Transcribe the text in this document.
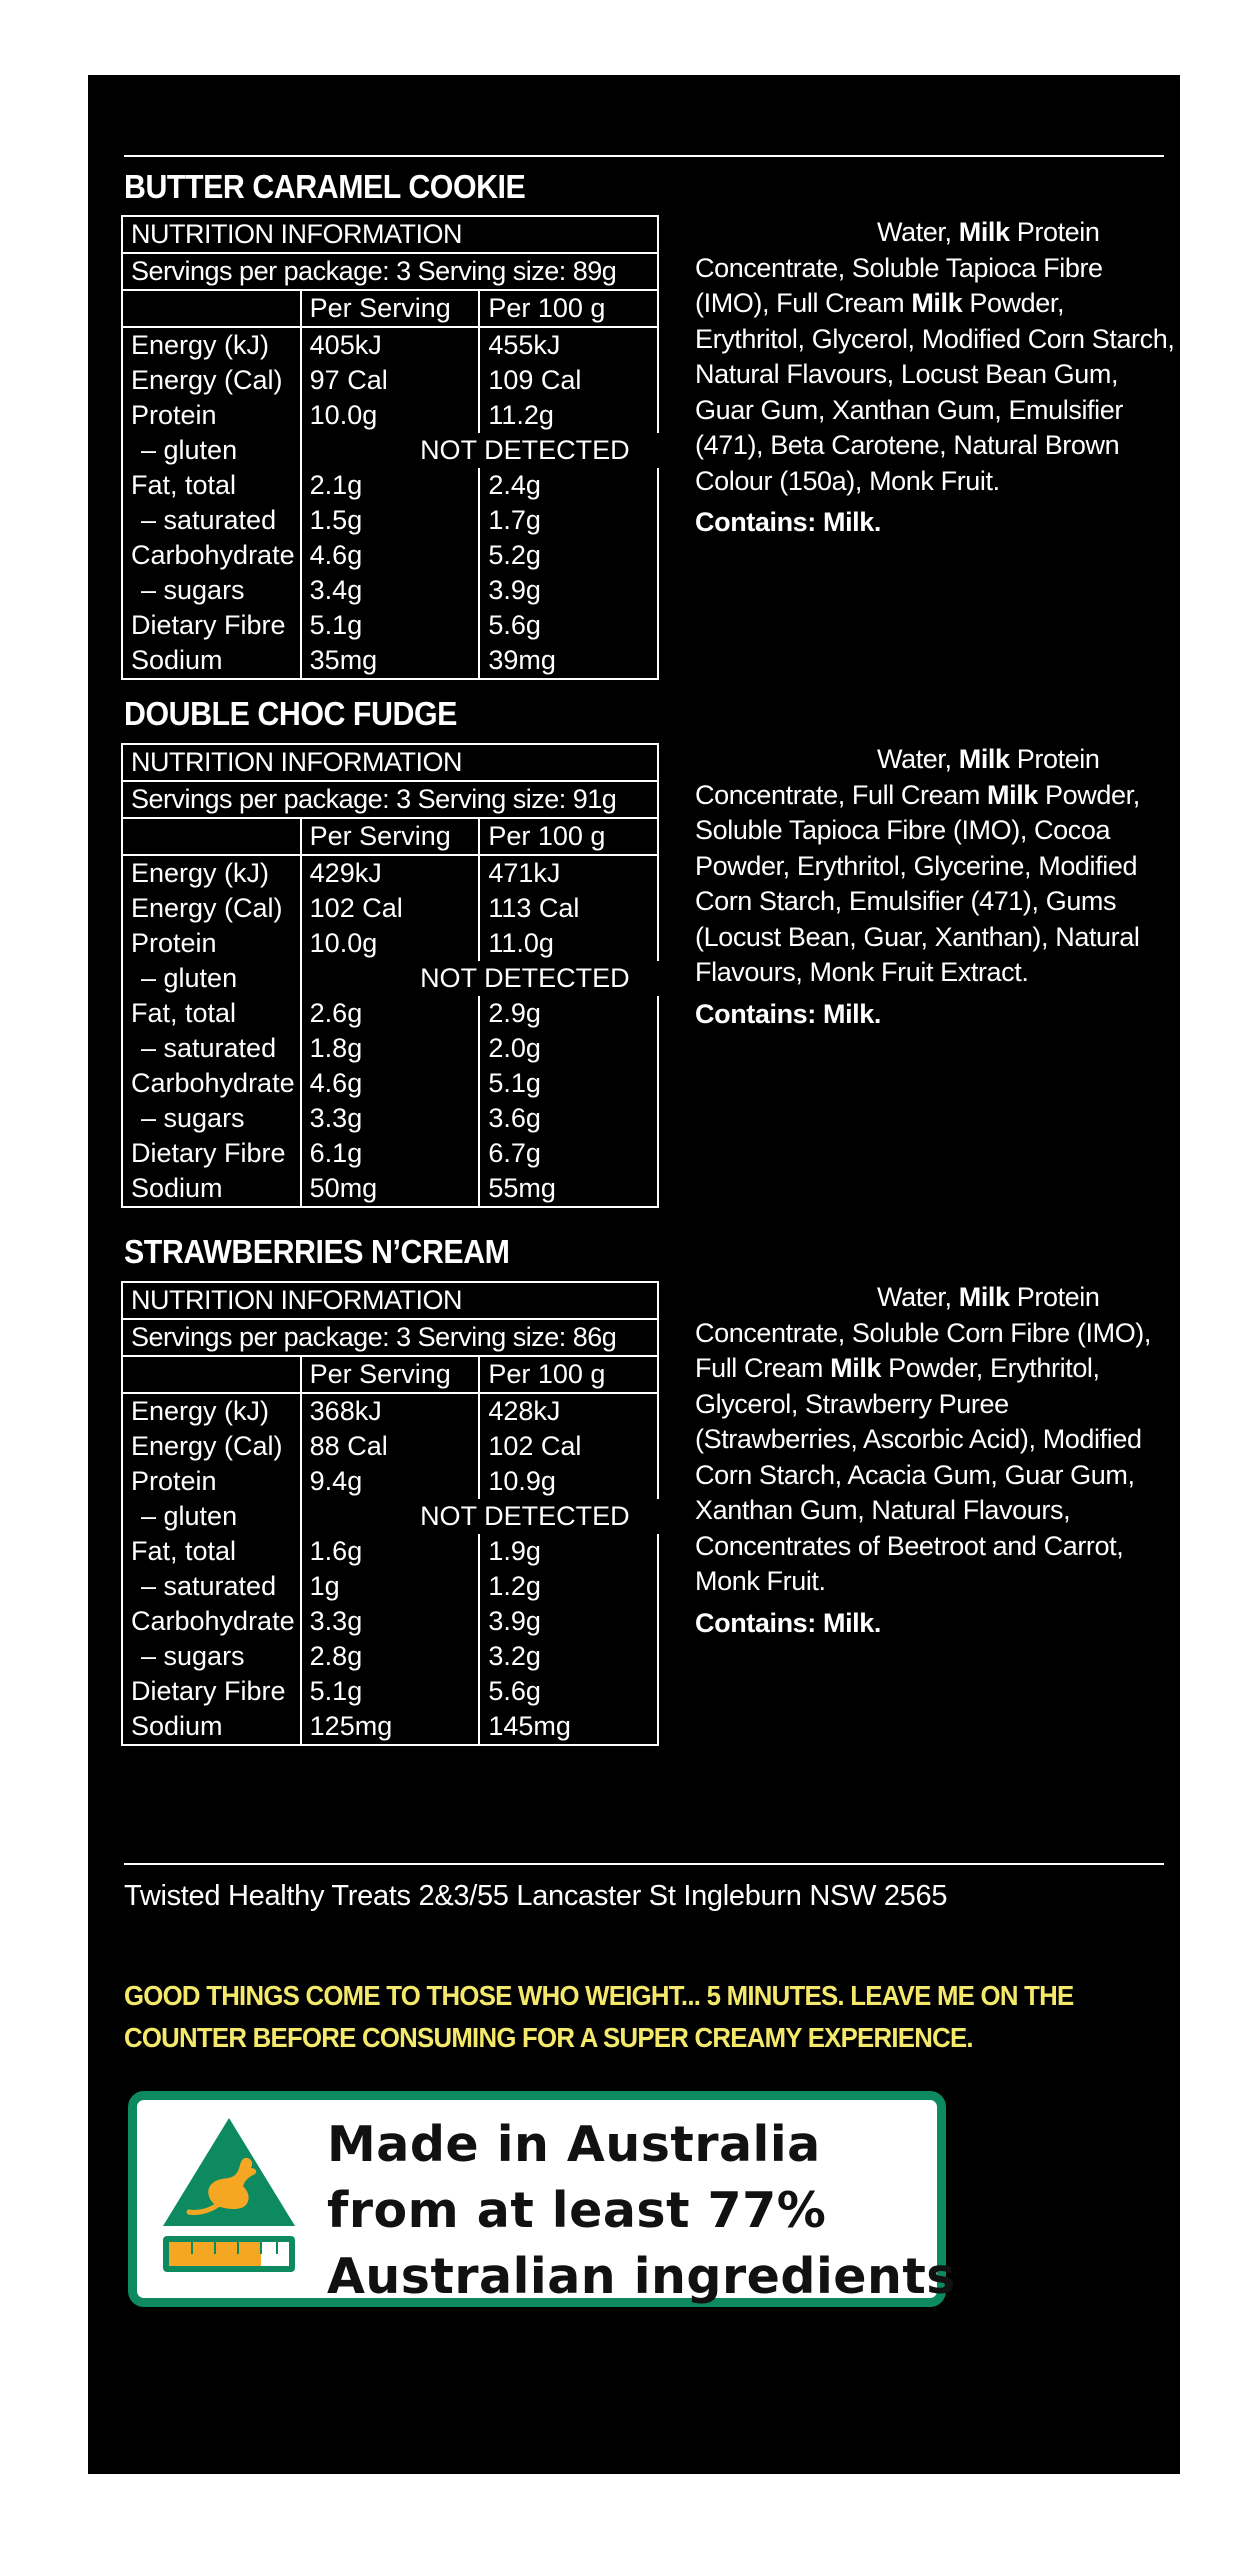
BUTTER CARAMEL COOKIE
NUTRITION INFORMATION		
Servings per package: 3 Serving size: 89g		
	Per Serving	Per 100 g
Energy (kJ)	405kJ	455kJ
Energy (Cal)	97 Cal	109 Cal
Protein	10.0g	11.2g
– gluten	NOT DETECTED	
Fat, total	2.1g	2.4g
– saturated	1.5g	1.7g
Carbohydrate	4.6g	5.2g
– sugars	3.4g	3.9g
Dietary Fibre	5.1g	5.6g
Sodium	35mg	39mg

Water, Milk Protein Concentrate, Soluble Tapioca Fibre (IMO), Full Cream Milk Powder, Erythritol, Glycerol, Modified Corn Starch, Natural Flavours, Locust Bean Gum, Guar Gum, Xanthan Gum, Emulsifier (471), Beta Carotene, Natural Brown Colour (150a), Monk Fruit.

Contains: Milk.

DOUBLE CHOC FUDGE
NUTRITION INFORMATION		
Servings per package: 3 Serving size: 91g		
	Per Serving	Per 100 g
Energy (kJ)	429kJ	471kJ
Energy (Cal)	102 Cal	113 Cal
Protein	10.0g	11.0g
– gluten	NOT DETECTED	
Fat, total	2.6g	2.9g
– saturated	1.8g	2.0g
Carbohydrate	4.6g	5.1g
– sugars	3.3g	3.6g
Dietary Fibre	6.1g	6.7g
Sodium	50mg	55mg

Water, Milk Protein Concentrate, Full Cream Milk Powder, Soluble Tapioca Fibre (IMO), Cocoa Powder, Erythritol, Glycerine, Modified Corn Starch, Emulsifier (471), Gums (Locust Bean, Guar, Xanthan), Natural Flavours, Monk Fruit Extract.

Contains: Milk.

STRAWBERRIES N’CREAM
NUTRITION INFORMATION		
Servings per package: 3 Serving size: 86g		
	Per Serving	Per 100 g
Energy (kJ)	368kJ	428kJ
Energy (Cal)	88 Cal	102 Cal
Protein	9.4g	10.9g
– gluten	NOT DETECTED	
Fat, total	1.6g	1.9g
– saturated	1g	1.2g
Carbohydrate	3.3g	3.9g
– sugars	2.8g	3.2g
Dietary Fibre	5.1g	5.6g
Sodium	125mg	145mg

Water, Milk Protein Concentrate, Soluble Corn Fibre (IMO), Full Cream Milk Powder, Erythritol, Glycerol, Strawberry Puree (Strawberries, Ascorbic Acid), Modified Corn Starch, Acacia Gum, Guar Gum, Xanthan Gum, Natural Flavours, Concentrates of Beetroot and Carrot, Monk Fruit.

Contains: Milk.

Twisted Healthy Treats 2&3/55 Lancaster St Ingleburn NSW 2565
GOOD THINGS COME TO THOSE WHO WEIGHT... 5 MINUTES. LEAVE ME ON THE COUNTER BEFORE CONSUMING FOR A SUPER CREAMY EXPERIENCE.
Made in Australia
from at least 77%
Australian ingredients
